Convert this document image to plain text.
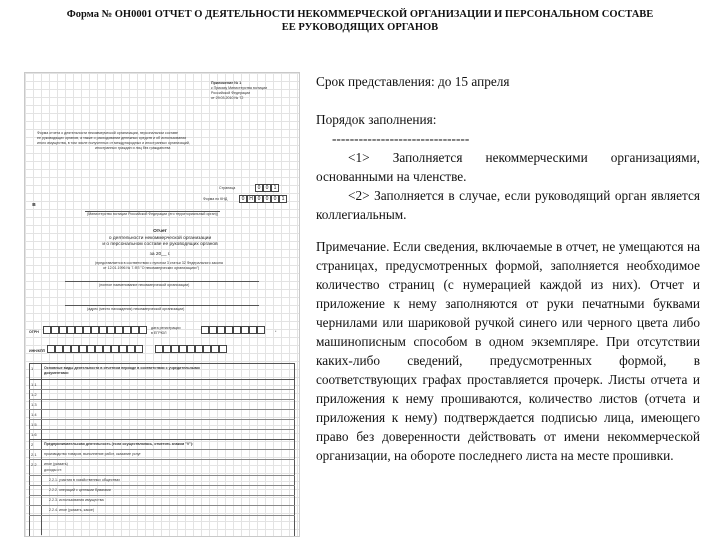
Форма № ОН0001 ОТЧЕТ О ДЕЯТЕЛЬНОСТИ НЕКОММЕРЧЕСКОЙ ОРГАНИЗАЦИИ И ПЕРСОНАЛЬНОМ СОСТАВЕ
ЕЕ РУКОВОДЯЩИХ ОРГАНОВ
Приложение № 1
к Приказу Министерства юстиции
Российской Федерации
от 29.03.2010 № 72
Форма отчета о деятельности некоммерческой организации, персональном составе
ее руководящих органов, а также о расходовании денежных средств и об использовании
иного имущества, в том числе полученных от международных и иностранных организаций,
иностранных граждан и лиц без гражданства
Страница	0	0	1
Форма по КНД	0 Н 0	0	0	1
В
(Министерство юстиции Российской Федерации (его территориальный орган))
Отчет
о деятельности некоммерческой организации
и о персональном составе ее руководящих органов
за 20__ г.
(представляется в соответствии с пунктом 3 статьи 32 Федерального закона
от 12.01.1996 № 7-ФЗ "О некоммерческих организациях")
(полное наименование некоммерческой организации)
(адрес (место нахождения) некоммерческой организации)
ОГРН
дата регистрации
в ЕГРЮЛ	*
ИНН/КПП
1	Основные виды деятельности в отчетном периоде в соответствии с учредительными
документами:
1.1
1.2
1.3
1.4
1.5
1.6
2	Предпринимательская деятельность (если осуществлялась, отметить знаком "V"):
2.1 производство товаров, выполнение работ, оказание услуг
2.2 иное (указать)
доходы от:
2.2.1. участия в хозяйственных обществах
2.2.2. операций с ценными бумагами
2.2.3. использования имущества
2.2.4. иное (указать, какое)

Срок представления: до 15 апреля

Порядок заполнения:

-------------------------------

<1> Заполняется некоммерческими организациями, основанными на членстве.

<2> Заполняется в случае, если руководящий орган является коллегиальным.

Примечание. Если сведения, включаемые в отчет, не умещаются на страницах, предусмотренных формой, заполняется необходимое количество страниц (с нумерацией каждой из них). Отчет и приложение к нему заполняются от руки печатными буквами чернилами или шариковой ручкой синего или черного цвета либо машинописным способом в одном экземпляре. При отсутствии каких-либо сведений, предусмотренных формой, в соответствующих графах проставляется прочерк. Листы отчета и приложения к нему прошиваются, количество листов (отчета и приложения к нему) подтверждается подписью лица, имеющего право без доверенности действовать от имени некоммерческой организации, на обороте последнего листа на месте прошивки.
